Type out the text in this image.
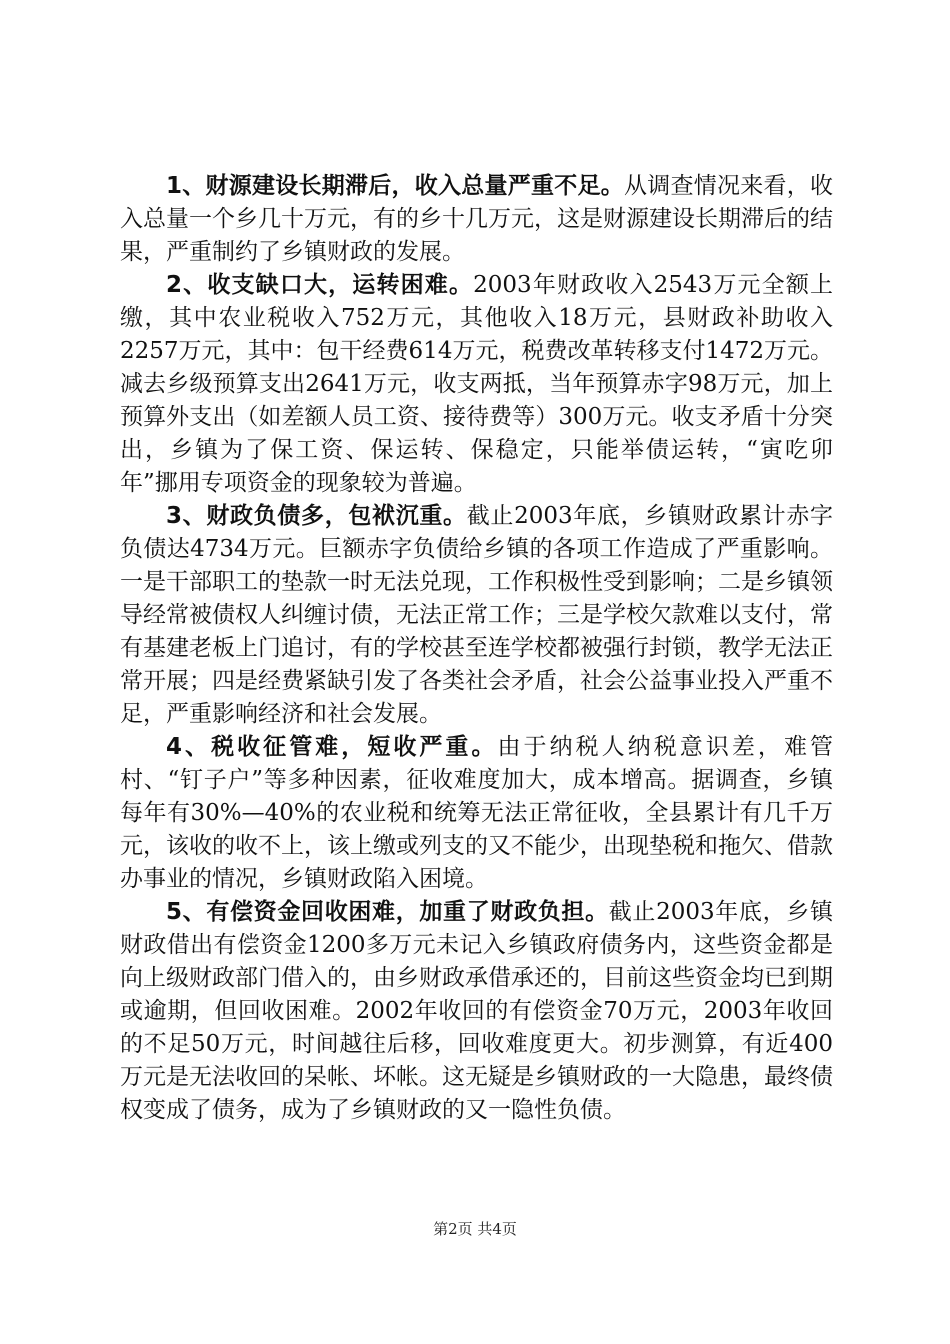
1、财源建设长期滞后，收入总量严重不足。从调查情况来看，收入总量一个乡几十万元，有的乡十几万元，这是财源建设长期滞后的结果，严重制约了乡镇财政的发展。

2、收支缺口大，运转困难。2003年财政收入2543万元全额上缴，其中农业税收入752万元，其他收入18万元，县财政补助收入2257万元，其中：包干经费614万元，税费改革转移支付1472万元。减去乡级预算支出2641万元，收支两抵，当年预算赤字98万元，加上预算外支出（如差额人员工资、接待费等）300万元。收支矛盾十分突出，乡镇为了保工资、保运转、保稳定，只能举债运转，“寅吃卯年”挪用专项资金的现象较为普遍。

3、财政负债多，包袱沉重。截止2003年底，乡镇财政累计赤字负债达4734万元。巨额赤字负债给乡镇的各项工作造成了严重影响。一是干部职工的垫款一时无法兑现，工作积极性受到影响；二是乡镇领导经常被债权人纠缠讨债，无法正常工作；三是学校欠款难以支付，常有基建老板上门追讨，有的学校甚至连学校都被强行封锁，教学无法正常开展；四是经费紧缺引发了各类社会矛盾，社会公益事业投入严重不足，严重影响经济和社会发展。

4、税收征管难，短收严重。由于纳税人纳税意识差，难管村、“钉子户”等多种因素，征收难度加大，成本增高。据调查，乡镇每年有30%—40%的农业税和统筹无法正常征收，全县累计有几千万元，该收的收不上，该上缴或列支的又不能少，出现垫税和拖欠、借款办事业的情况，乡镇财政陷入困境。

5、有偿资金回收困难，加重了财政负担。截止2003年底，乡镇财政借出有偿资金1200多万元未记入乡镇政府债务内，这些资金都是向上级财政部门借入的，由乡财政承借承还的，目前这些资金均已到期或逾期，但回收困难。2002年收回的有偿资金70万元，2003年收回的不足50万元，时间越往后移，回收难度更大。初步测算，有近400万元是无法收回的呆帐、坏帐。这无疑是乡镇财政的一大隐患，最终债权变成了债务，成为了乡镇财政的又一隐性负债。

第2页 共4页
